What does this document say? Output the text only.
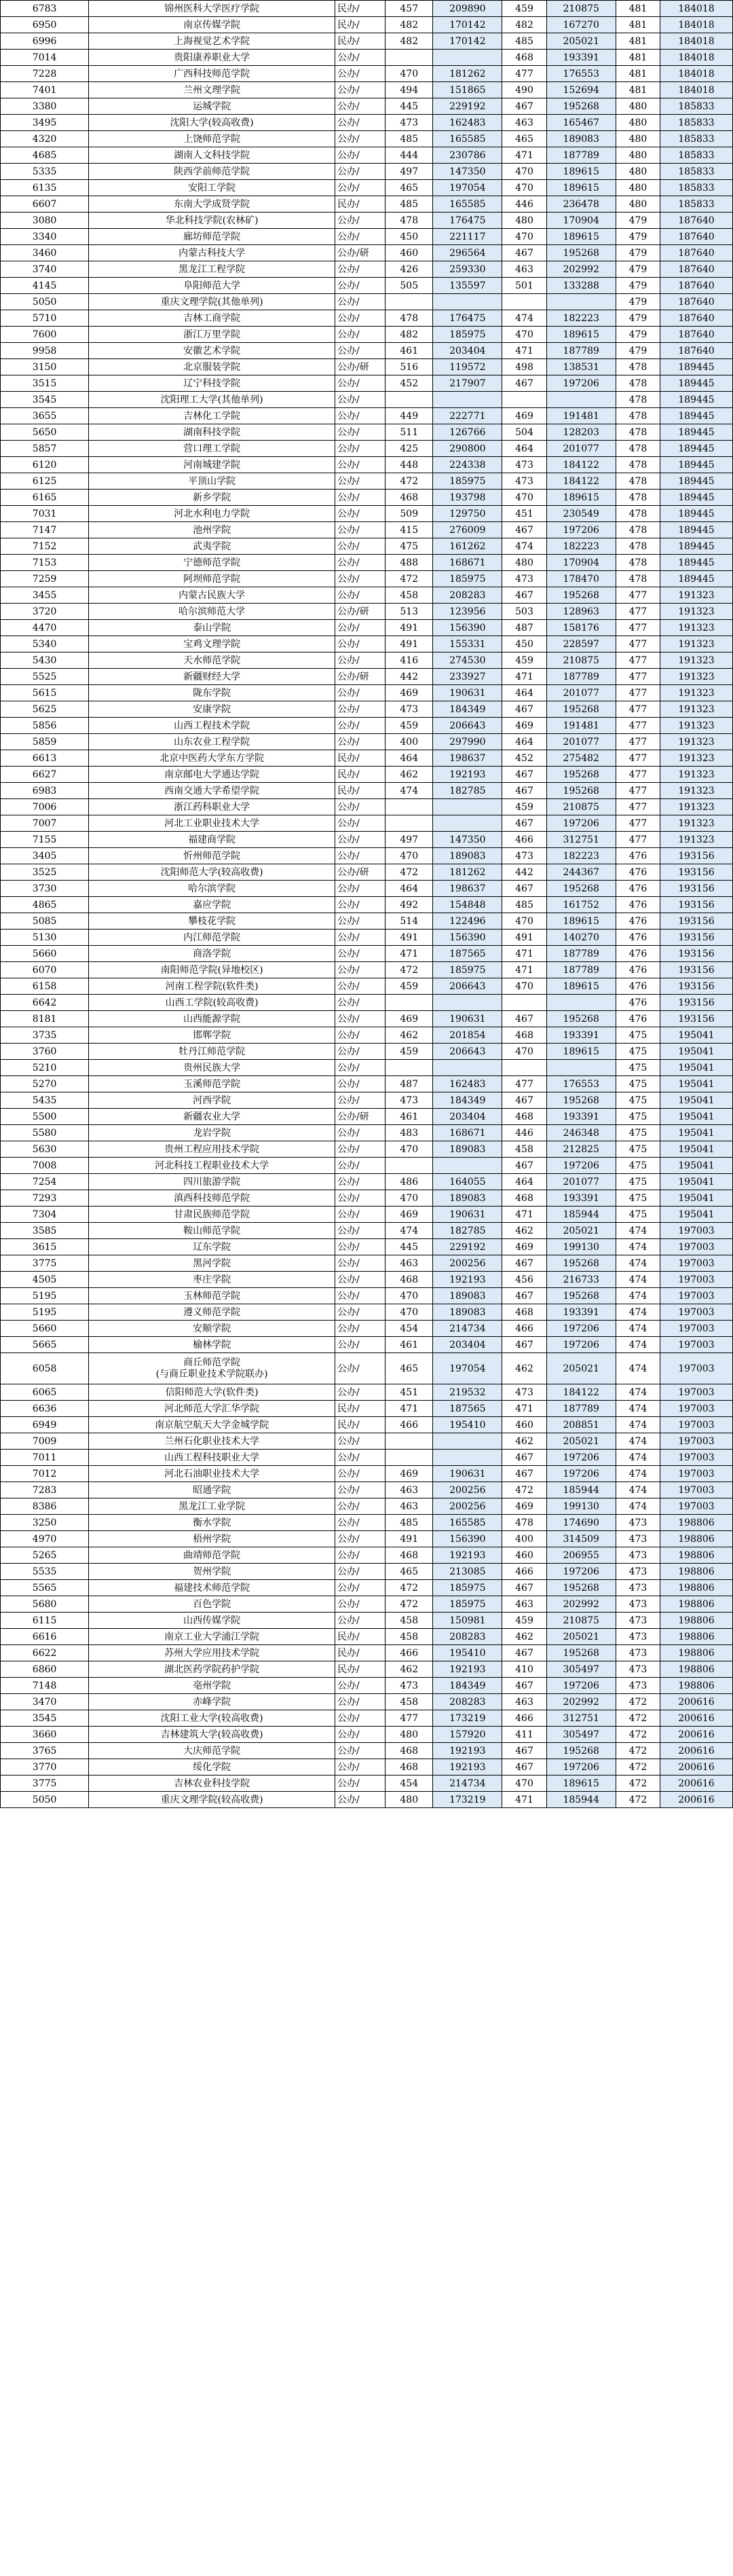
6783	锦州医科大学医疗学院	民办/	457	209890	459	210875	481	184018
6950	南京传媒学院	民办/	482	170142	482	167270	481	184018
6996	上海视觉艺术学院	民办/	482	170142	485	205021	481	184018
7014	贵阳康养职业大学	公办/			468	193391	481	184018
7228	广西科技师范学院	公办/	470	181262	477	176553	481	184018
7401	兰州文理学院	公办/	494	151865	490	152694	481	184018
3380	运城学院	公办/	445	229192	467	195268	480	185833
3495	沈阳大学(较高收费)	公办/	473	162483	463	165467	480	185833
4320	上饶师范学院	公办/	485	165585	465	189083	480	185833
4685	湖南人文科技学院	公办/	444	230786	471	187789	480	185833
5335	陕西学前师范学院	公办/	497	147350	470	189615	480	185833
6135	安阳工学院	公办/	465	197054	470	189615	480	185833
6607	东南大学成贤学院	民办/	485	165585	446	236478	480	185833
3080	华北科技学院(农林矿)	公办/	478	176475	480	170904	479	187640
3340	廊坊师范学院	公办/	450	221117	470	189615	479	187640
3460	内蒙古科技大学	公办/研	460	296564	467	195268	479	187640
3740	黑龙江工程学院	公办/	426	259330	463	202992	479	187640
4145	阜阳师范大学	公办/	505	135597	501	133288	479	187640
5050	重庆文理学院(其他单列)	公办/					479	187640
5710	吉林工商学院	公办/	478	176475	474	182223	479	187640
7600	浙江万里学院	公办/	482	185975	470	189615	479	187640
9958	安徽艺术学院	公办/	461	203404	471	187789	479	187640
3150	北京服装学院	公办/研	516	119572	498	138531	478	189445
3515	辽宁科技学院	公办/	452	217907	467	197206	478	189445
3545	沈阳理工大学(其他单列)	公办/					478	189445
3655	吉林化工学院	公办/	449	222771	469	191481	478	189445
5650	湖南科技学院	公办/	511	126766	504	128203	478	189445
5857	营口理工学院	公办/	425	290800	464	201077	478	189445
6120	河南城建学院	公办/	448	224338	473	184122	478	189445
6125	平顶山学院	公办/	472	185975	473	184122	478	189445
6165	新乡学院	公办/	468	193798	470	189615	478	189445
7031	河北水利电力学院	公办/	509	129750	451	230549	478	189445
7147	池州学院	公办/	415	276009	467	197206	478	189445
7152	武夷学院	公办/	475	161262	474	182223	478	189445
7153	宁德师范学院	公办/	488	168671	480	170904	478	189445
7259	阿坝师范学院	公办/	472	185975	473	178470	478	189445
3455	内蒙古民族大学	公办/	458	208283	467	195268	477	191323
3720	哈尔滨师范大学	公办/研	513	123956	503	128963	477	191323
4470	泰山学院	公办/	491	156390	487	158176	477	191323
5340	宝鸡文理学院	公办/	491	155331	450	228597	477	191323
5430	天水师范学院	公办/	416	274530	459	210875	477	191323
5525	新疆财经大学	公办/研	442	233927	471	187789	477	191323
5615	陇东学院	公办/	469	190631	464	201077	477	191323
5625	安康学院	公办/	473	184349	467	195268	477	191323
5856	山西工程技术学院	公办/	459	206643	469	191481	477	191323
5859	山东农业工程学院	公办/	400	297990	464	201077	477	191323
6613	北京中医药大学东方学院	民办/	464	198637	452	275482	477	191323
6627	南京邮电大学通达学院	民办/	462	192193	467	195268	477	191323
6983	西南交通大学希望学院	民办/	474	182785	467	195268	477	191323
7006	浙江药科职业大学	公办/			459	210875	477	191323
7007	河北工业职业技术大学	公办/			467	197206	477	191323
7155	福建商学院	公办/	497	147350	466	312751	477	191323
3405	忻州师范学院	公办/	470	189083	473	182223	476	193156
3525	沈阳师范大学(较高收费)	公办/研	472	181262	442	244367	476	193156
3730	哈尔滨学院	公办/	464	198637	467	195268	476	193156
4865	嘉应学院	公办/	492	154848	485	161752	476	193156
5085	攀枝花学院	公办/	514	122496	470	189615	476	193156
5130	内江师范学院	公办/	491	156390	491	140270	476	193156
5660	商洛学院	公办/	471	187565	471	187789	476	193156
6070	南阳师范学院(异地校区)	公办/	472	185975	471	187789	476	193156
6158	河南工程学院(软件类)	公办/	459	206643	470	189615	476	193156
6642	山西工学院(较高收费)	公办/					476	193156
8181	山西能源学院	公办/	469	190631	467	195268	476	193156
3735	邯郸学院	公办/	462	201854	468	193391	475	195041
3760	牡丹江师范学院	公办/	459	206643	470	189615	475	195041
5210	贵州民族大学	公办/					475	195041
5270	玉溪师范学院	公办/	487	162483	477	176553	475	195041
5435	河西学院	公办/	473	184349	467	195268	475	195041
5500	新疆农业大学	公办/研	461	203404	468	193391	475	195041
5580	龙岩学院	公办/	483	168671	446	246348	475	195041
5630	贵州工程应用技术学院	公办/	470	189083	458	212825	475	195041
7008	河北科技工程职业技术大学	公办/			467	197206	475	195041
7254	四川旅游学院	公办/	486	164055	464	201077	475	195041
7293	滇西科技师范学院	公办/	470	189083	468	193391	475	195041
7304	甘肃民族师范学院	公办/	469	190631	471	185944	475	195041
3585	鞍山师范学院	公办/	474	182785	462	205021	474	197003
3615	辽东学院	公办/	445	229192	469	199130	474	197003
3775	黑河学院	公办/	463	200256	467	195268	474	197003
4505	枣庄学院	公办/	468	192193	456	216733	474	197003
5195	玉林师范学院	公办/	470	189083	467	195268	474	197003
5195	遵义师范学院	公办/	470	189083	468	193391	474	197003
5660	安顺学院	公办/	454	214734	466	197206	474	197003
5665	榆林学院	公办/	461	203404	467	197206	474	197003
6058	商丘师范学院
(与商丘职业技术学院联办)	公办/	465	197054	462	205021	474	197003
6065	信阳师范大学(软件类)	公办/	451	219532	473	184122	474	197003
6636	河北师范大学汇华学院	民办/	471	187565	471	187789	474	197003
6949	南京航空航天大学金城学院	民办/	466	195410	460	208851	474	197003
7009	兰州石化职业技术大学	公办/			462	205021	474	197003
7011	山西工程科技职业大学	公办/			467	197206	474	197003
7012	河北石油职业技术大学	公办/	469	190631	467	197206	474	197003
7283	昭通学院	公办/	463	200256	472	185944	474	197003
8386	黑龙江工业学院	公办/	463	200256	469	199130	474	197003
3250	衡水学院	公办/	485	165585	478	174690	473	198806
4970	梧州学院	公办/	491	156390	400	314509	473	198806
5265	曲靖师范学院	公办/	468	192193	460	206955	473	198806
5535	贺州学院	公办/	465	213085	466	197206	473	198806
5565	福建技术师范学院	公办/	472	185975	467	195268	473	198806
5680	百色学院	公办/	472	185975	463	202992	473	198806
6115	山西传媒学院	公办/	458	150981	459	210875	473	198806
6616	南京工业大学浦江学院	民办/	458	208283	462	205021	473	198806
6622	苏州大学应用技术学院	民办/	466	195410	467	195268	473	198806
6860	湖北医药学院药护学院	民办/	462	192193	410	305497	473	198806
7148	亳州学院	公办/	473	184349	467	197206	473	198806
3470	赤峰学院	公办/	458	208283	463	202992	472	200616
3545	沈阳工业大学(较高收费)	公办/	477	173219	466	312751	472	200616
3660	吉林建筑大学(较高收费)	公办/	480	157920	411	305497	472	200616
3765	大庆师范学院	公办/	468	192193	467	195268	472	200616
3770	绥化学院	公办/	468	192193	467	197206	472	200616
3775	吉林农业科技学院	公办/	454	214734	470	189615	472	200616
5050	重庆文理学院(较高收费)	公办/	480	173219	471	185944	472	200616
